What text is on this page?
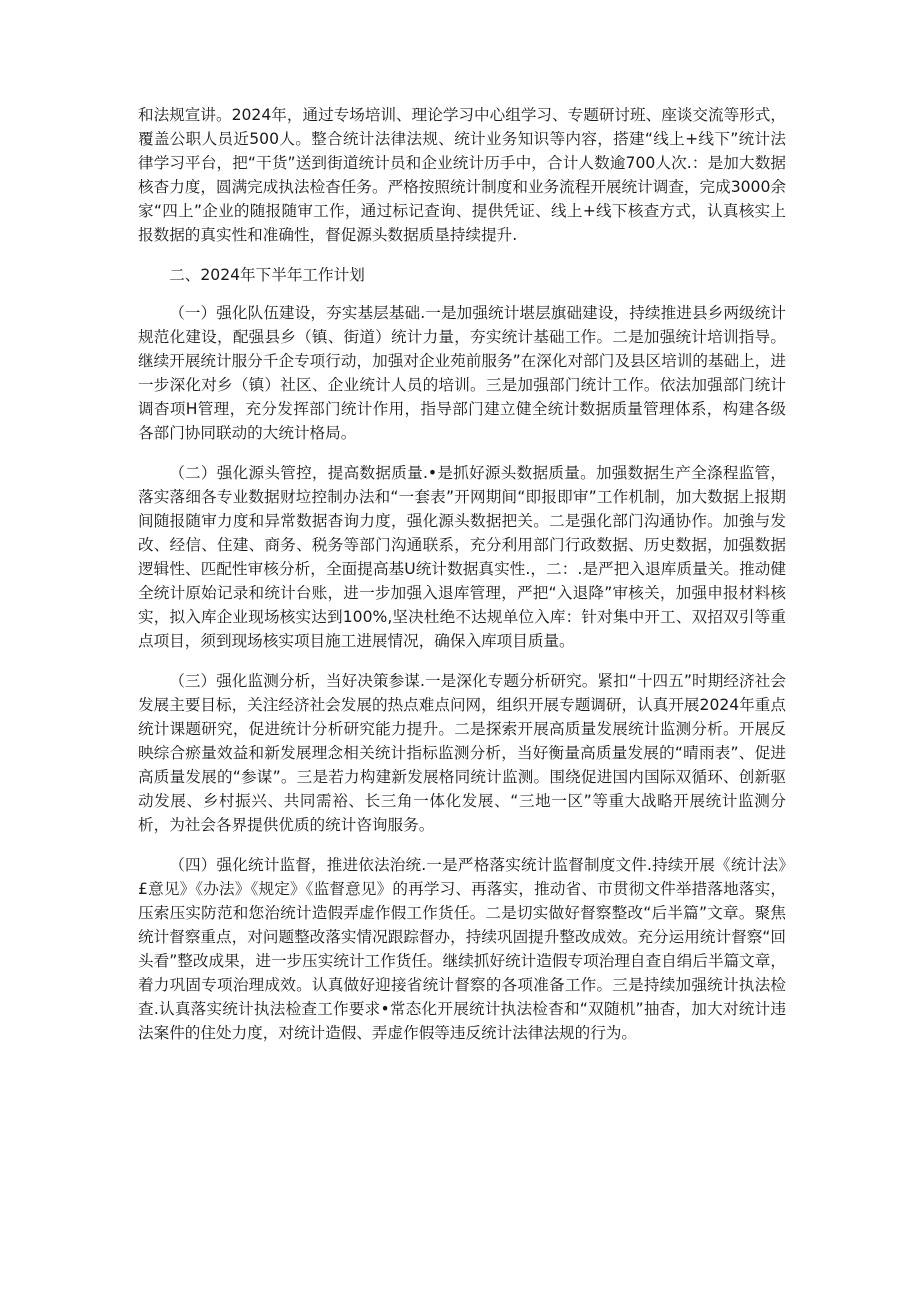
和法规宣讲。2024年，通过专场培训、理论学习中心组学习、专题研讨班、座谈交流等形式，覆盖公职人员近500人。整合统计法律法规、统计业务知识等内容，搭建“线上+线下”统计法律学习平台，把“干货”送到街道统计员和企业统计历手中，合计人数逾700人次.：是加大数据核杳力度，圆满完成执法检杳任务。严格按照统计制度和业务流程开展统计调查，完成3000余家“四上”企业的随报随审工作，通过标记查询、提供凭证、线上+线下核查方式，认真核实上报数据的真实性和准确性，督促源头数据质垦持续提升.

二、2024年下半年工作计划

（一）强化队伍建设，夯实基层基础.一是加强统计堪层旗础建设，持续推进县乡两级统计规范化建设，配强县乡（镇、街道）统计力量，夯实统计基础工作。二是加强统计培训指导。继续开展统计服分千企专项行动，加强对企业苑前服务”在深化对部门及县区培训的基础上，进一步深化对乡（镇）社区、企业统计人员的培训。三是加强部门统计工作。依法加强部门统计调杳项H管理，充分发挥部门统计作用，指导部门建立健全统计数据质量管理体系，构建各级各部门协同联动的大统计格局。

（二）强化源头管控，提高数据质量.•是抓好源头数据质量。加强数据生产全涤程监管，落实落细各专业数据财垃控制办法和“一套表”开网期间“即报即审”工作机制，加大数据上报期间随报随审力度和异常数据杳询力度，强化源头数据把关。二是强化部门沟通协作。加強与发改、经信、住建、商务、税务等部门沟通联系，充分利用部门行政数据、历史数据，加强数据逻辑性、匹配性审核分析，全面提高基U统计数据真实性.，二：.是严把入退库质量关。推动健全统计原始记录和统计台账，进一步加强入退库管理，严把“入退降”审核关，加强申报材料核实，拟入库企业现场核实达到100%,坚决杜绝不达规单位入库：针对集中开工、双招双引等重点项目，须到现场核实项目施工进展情况，确保入库项目质量。

（三）强化监测分析，当好决策参谋.一是深化专题分析研究。紧扣“十四五”时期经济社会发展主要目标，关注经济社会发展的热点难点问网，组织开展专题调研，认真开展2024年重点统计课题研究，促进统计分析研究能力提升。二是探索开展高质量发展统计监测分析。开展反映综合瘀量效益和新发展理念相关统计指标监测分析，当好衡量高质量发展的“晴雨表”、促进高质量发展的“参谋”。三是若力构建新发展格同统计监测。围绕促进国内国际双循环、创新驱动发展、乡村振兴、共同需裕、长三角一体化发展、“三地一区”等重大战略开展统计监测分析，为社会各界提供优质的统计咨询服务。

（四）强化统计监督，推进依法治统.一是严格落实统计监督制度文件.持续开展《统计法》£意见》《办法》《规定》《监督意见》的再学习、再落实，推动省、市贯彻文件举措落地落实，压索压实防范和您治统计造假弄虚作假工作货任。二是切实做好督察整改“后半篇”文章。聚焦统计督察重点，对问题整改落实情况跟踪督办，持续巩固提升整改成效。充分运用统计督察“回头看”整改成果，进一步压实统计工作货任。继续抓好统计造假专项治理自查自绢后半篇文章，着力巩固专项治理成效。认真做好迎接省统计督察的各项准备工作。三是持续加强统计执法检查.认真落实统计执法检查工作要求•常态化开展统计执法检杳和“双随机”抽杳，加大对统计违法案件的住处力度，对统计造假、弄虚作假等违反统计法律法规的行为。
